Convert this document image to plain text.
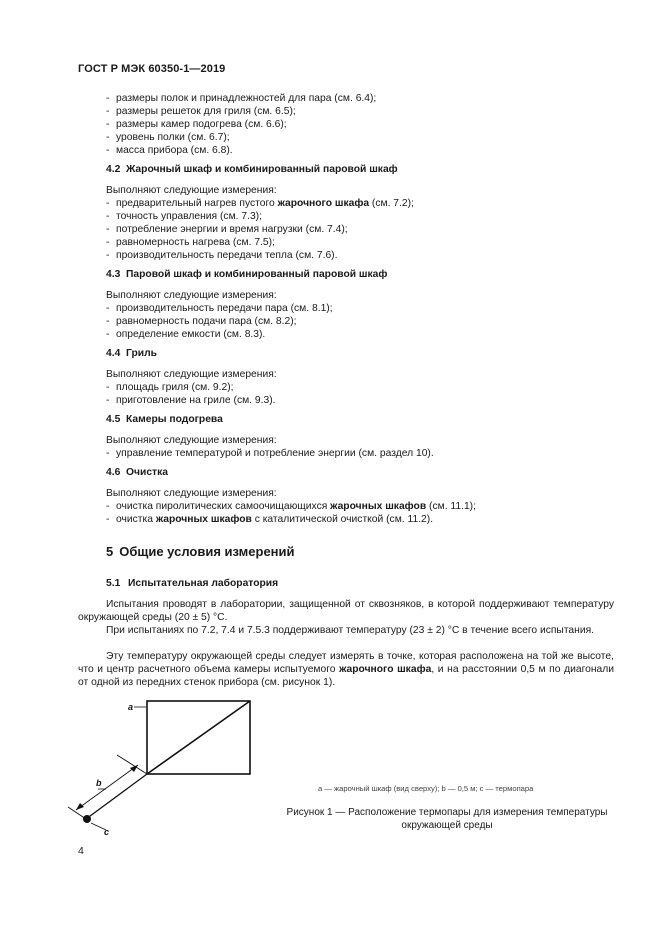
ГОСТ Р МЭК 60350-1—2019
- размеры полок и принадлежностей для пара (см. 6.4);
- размеры решеток для гриля (см. 6.5);
- размеры камер подогрева (см. 6.6);
- уровень полки (см. 6.7);
- масса прибора (см. 6.8).
4.2 Жарочный шкаф и комбинированный паровой шкаф
Выполняют следующие измерения:
- предварительный нагрев пустого жарочного шкафа (см. 7.2);
- точность управления (см. 7.3);
- потребление энергии и время нагрузки (см. 7.4);
- равномерность нагрева (см. 7.5);
- производительность передачи тепла (см. 7.6).
4.3 Паровой шкаф и комбинированный паровой шкаф
Выполняют следующие измерения:
- производительность передачи пара (см. 8.1);
- равномерность подачи пара (см. 8.2);
- определение емкости (см. 8.3).
4.4 Гриль
Выполняют следующие измерения:
- площадь гриля (см. 9.2);
- приготовление на гриле (см. 9.3).
4.5 Камеры подогрева
Выполняют следующие измерения:
- управление температурой и потребление энергии (см. раздел 10).
4.6 Очистка
Выполняют следующие измерения:
- очистка пиролитических самоочищающихся жарочных шкафов (см. 11.1);
- очистка жарочных шкафов с каталитической очисткой (см. 11.2).
5 Общие условия измерений
5.1 Испытательная лаборатория
Испытания проводят в лаборатории, защищенной от сквозняков, в которой поддерживают температуру окружающей среды (20 ± 5) °С.
При испытаниях по 7.2, 7.4 и 7.5.3 поддерживают температуру (23 ± 2) °С в течение всего испытания.
Эту температуру окружающей среды следует измерять в точке, которая расположена на той же высоте, что и центр расчетного объема камеры испытуемого жарочного шкафа, и на расстоянии 0,5 м по диагонали от одной из передних стенок прибора (см. рисунок 1).
a
b
c
a — жарочный шкаф (вид сверху); b — 0,5 м; c — термопара
Рисунок 1 — Расположение термопары для измерения температуры окружающей среды
4
